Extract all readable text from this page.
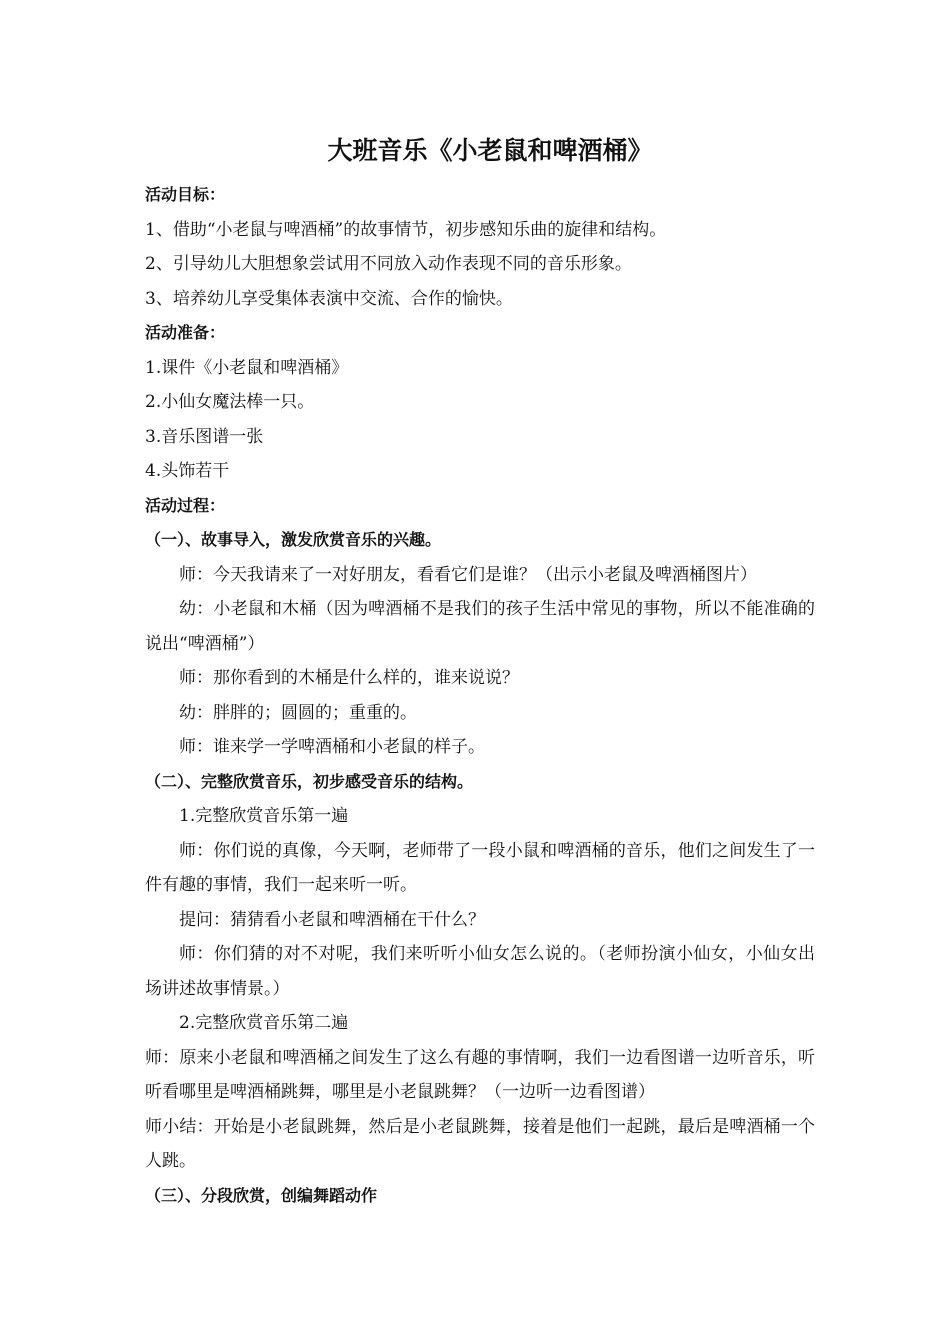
大班音乐《小老鼠和啤酒桶》
活动目标：
1、借助“小老鼠与啤酒桶”的故事情节，初步感知乐曲的旋律和结构。
2、引导幼儿大胆想象尝试用不同放入动作表现不同的音乐形象。
3、培养幼儿享受集体表演中交流、合作的愉快。
活动准备：
1.课件《小老鼠和啤酒桶》
2.小仙女魔法棒一只。
3.音乐图谱一张
4.头饰若干
活动过程：
（一）、故事导入，激发欣赏音乐的兴趣。
师：今天我请来了一对好朋友，看看它们是谁？（出示小老鼠及啤酒桶图片）
幼：小老鼠和木桶（因为啤酒桶不是我们的孩子生活中常见的事物，所以不能准确的说出“啤酒桶”）
师：那你看到的木桶是什么样的，谁来说说？
幼：胖胖的；圆圆的；重重的。
师：谁来学一学啤酒桶和小老鼠的样子。
（二）、完整欣赏音乐，初步感受音乐的结构。
1.完整欣赏音乐第一遍
师：你们说的真像，今天啊，老师带了一段小鼠和啤酒桶的音乐，他们之间发生了一件有趣的事情，我们一起来听一听。
提问：猜猜看小老鼠和啤酒桶在干什么？
师：你们猜的对不对呢，我们来听听小仙女怎么说的。（老师扮演小仙女，小仙女出场讲述故事情景。）
2.完整欣赏音乐第二遍
师：原来小老鼠和啤酒桶之间发生了这么有趣的事情啊，我们一边看图谱一边听音乐，听听看哪里是啤酒桶跳舞，哪里是小老鼠跳舞？（一边听一边看图谱）
师小结：开始是小老鼠跳舞，然后是小老鼠跳舞，接着是他们一起跳，最后是啤酒桶一个人跳。
（三）、分段欣赏，创编舞蹈动作
